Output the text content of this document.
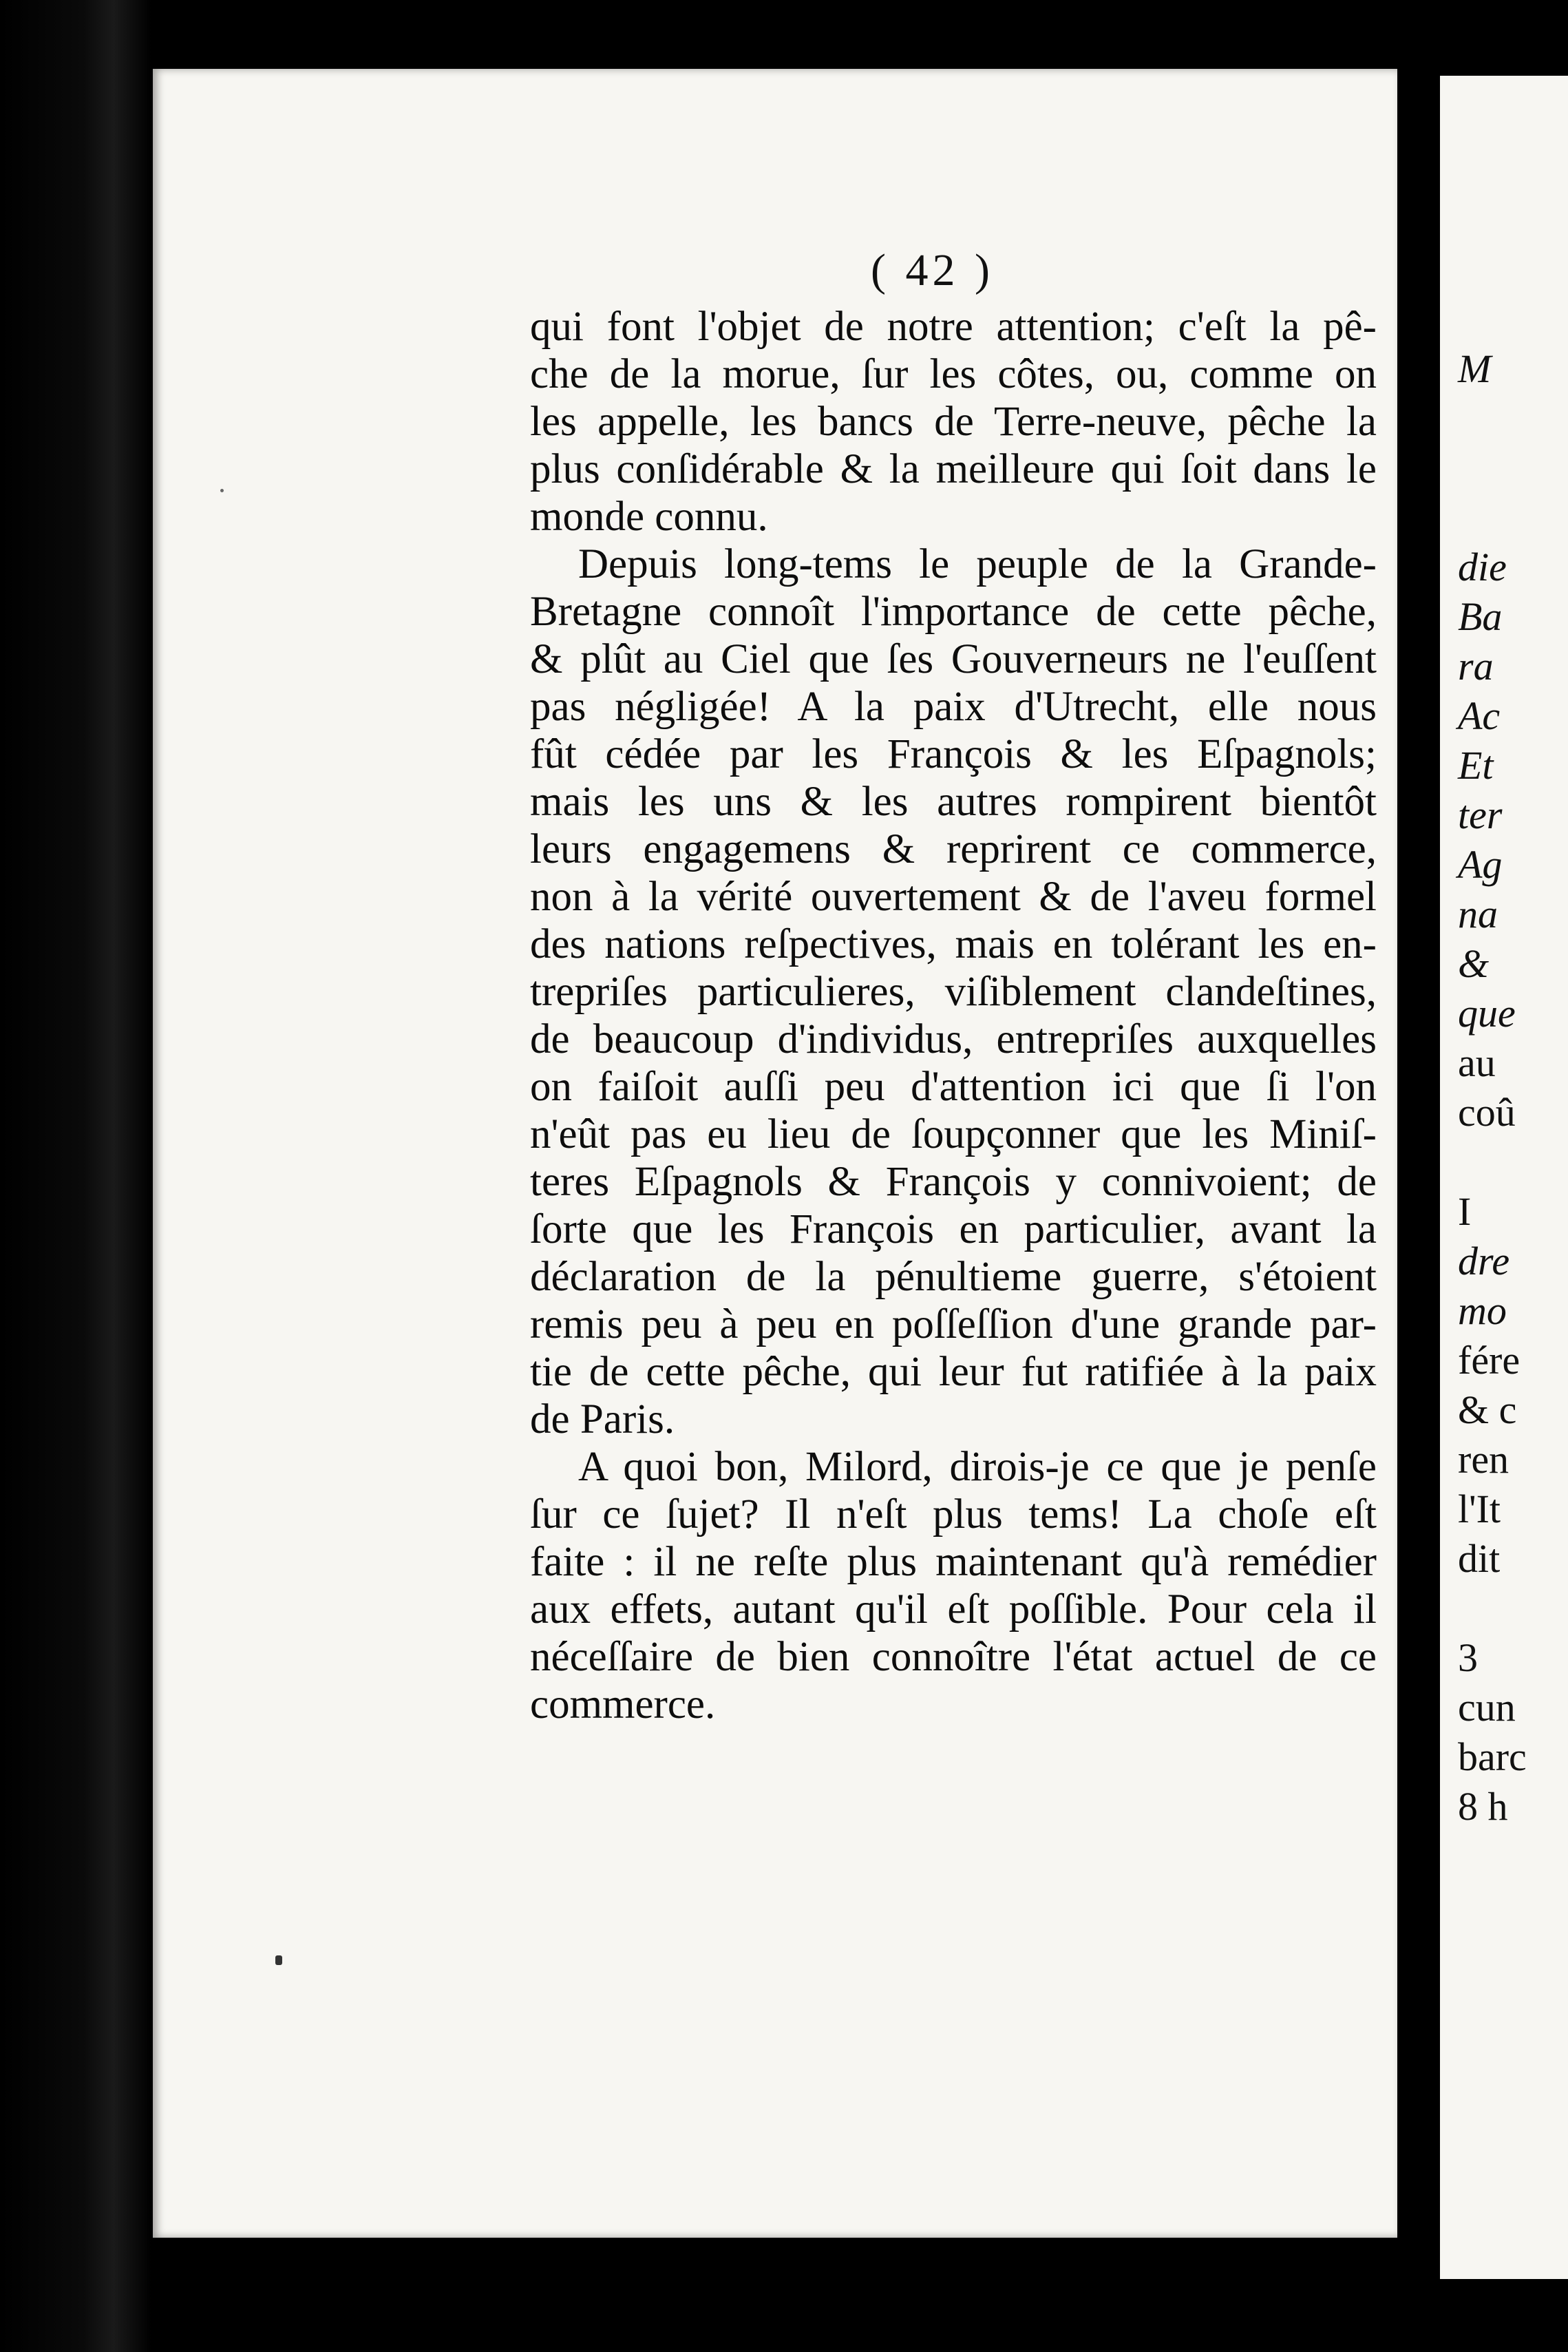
( 42 )
qui font l'objet de notre attention; c'eſt la pê-
che de la morue, ſur les côtes, ou, comme on
les appelle, les bancs de Terre-neuve, pêche la
plus conſidérable & la meilleure qui ſoit dans le
monde connu.
Depuis long-tems le peuple de la Grande-
Bretagne connoît l'importance de cette pêche,
& plût au Ciel que ſes Gouverneurs ne l'euſſent
pas négligée! A la paix d'Utrecht, elle nous
fût cédée par les François & les Eſpagnols;
mais les uns & les autres rompirent bientôt
leurs engagemens & reprirent ce commerce,
non à la vérité ouvertement & de l'aveu formel
des nations reſpectives, mais en tolérant les en-
trepriſes particulieres, viſiblement clandeſtines,
de beaucoup d'individus, entrepriſes auxquelles
on faiſoit auſſi peu d'attention ici que ſi l'on
n'eût pas eu lieu de ſoupçonner que les Miniſ-
teres Eſpagnols & François y connivoient; de
ſorte que les François en particulier, avant la
déclaration de la pénultieme guerre, s'étoient
remis peu à peu en poſſeſſion d'une grande par-
tie de cette pêche, qui leur fut ratifiée à la paix
de Paris.
A quoi bon, Milord, dirois-je ce que je penſe
ſur ce ſujet? Il n'eſt plus tems! La choſe eſt
faite : il ne reſte plus maintenant qu'à remédier
aux effets, autant qu'il eſt poſſible. Pour cela il
néceſſaire de bien connoître l'état actuel de ce
commerce.
M

die
Ba
ra
Ac
Et
ter
Ag
na
&
que
au
coû

I
dre
mo
fére
& c
ren
l'It
dit

3
cun
barc
8 h
